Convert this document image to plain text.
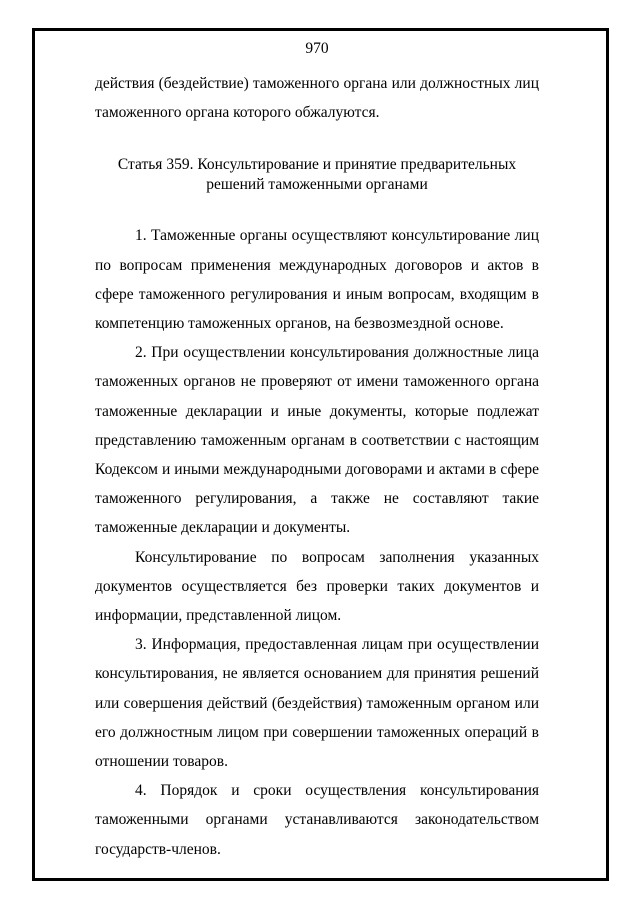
970

действия (бездействие) таможенного органа или должностных лиц таможенного органа которого обжалуются.

Статья 359. Консультирование и принятие предварительных
решений таможенными органами

1. Таможенные органы осуществляют консультирование лиц по вопросам применения международных договоров и актов в сфере таможенного регулирования и иным вопросам, входящим в компетенцию таможенных органов, на безвозмездной основе.

2. При осуществлении консультирования должностные лица таможенных органов не проверяют от имени таможенного органа таможенные декларации и иные документы, которые подлежат представлению таможенным органам в соответствии с настоящим Кодексом и иными международными договорами и актами в сфере таможенного регулирования, а также не составляют такие таможенные декларации и документы.

Консультирование по вопросам заполнения указанных документов осуществляется без проверки таких документов и информации, представленной лицом.

3. Информация, предоставленная лицам при осуществлении консультирования, не является основанием для принятия решений или совершения действий (бездействия) таможенным органом или его должностным лицом при совершении таможенных операций в отношении товаров.

4. Порядок и сроки осуществления консультирования таможенными органами устанавливаются законодательством государств-членов.
